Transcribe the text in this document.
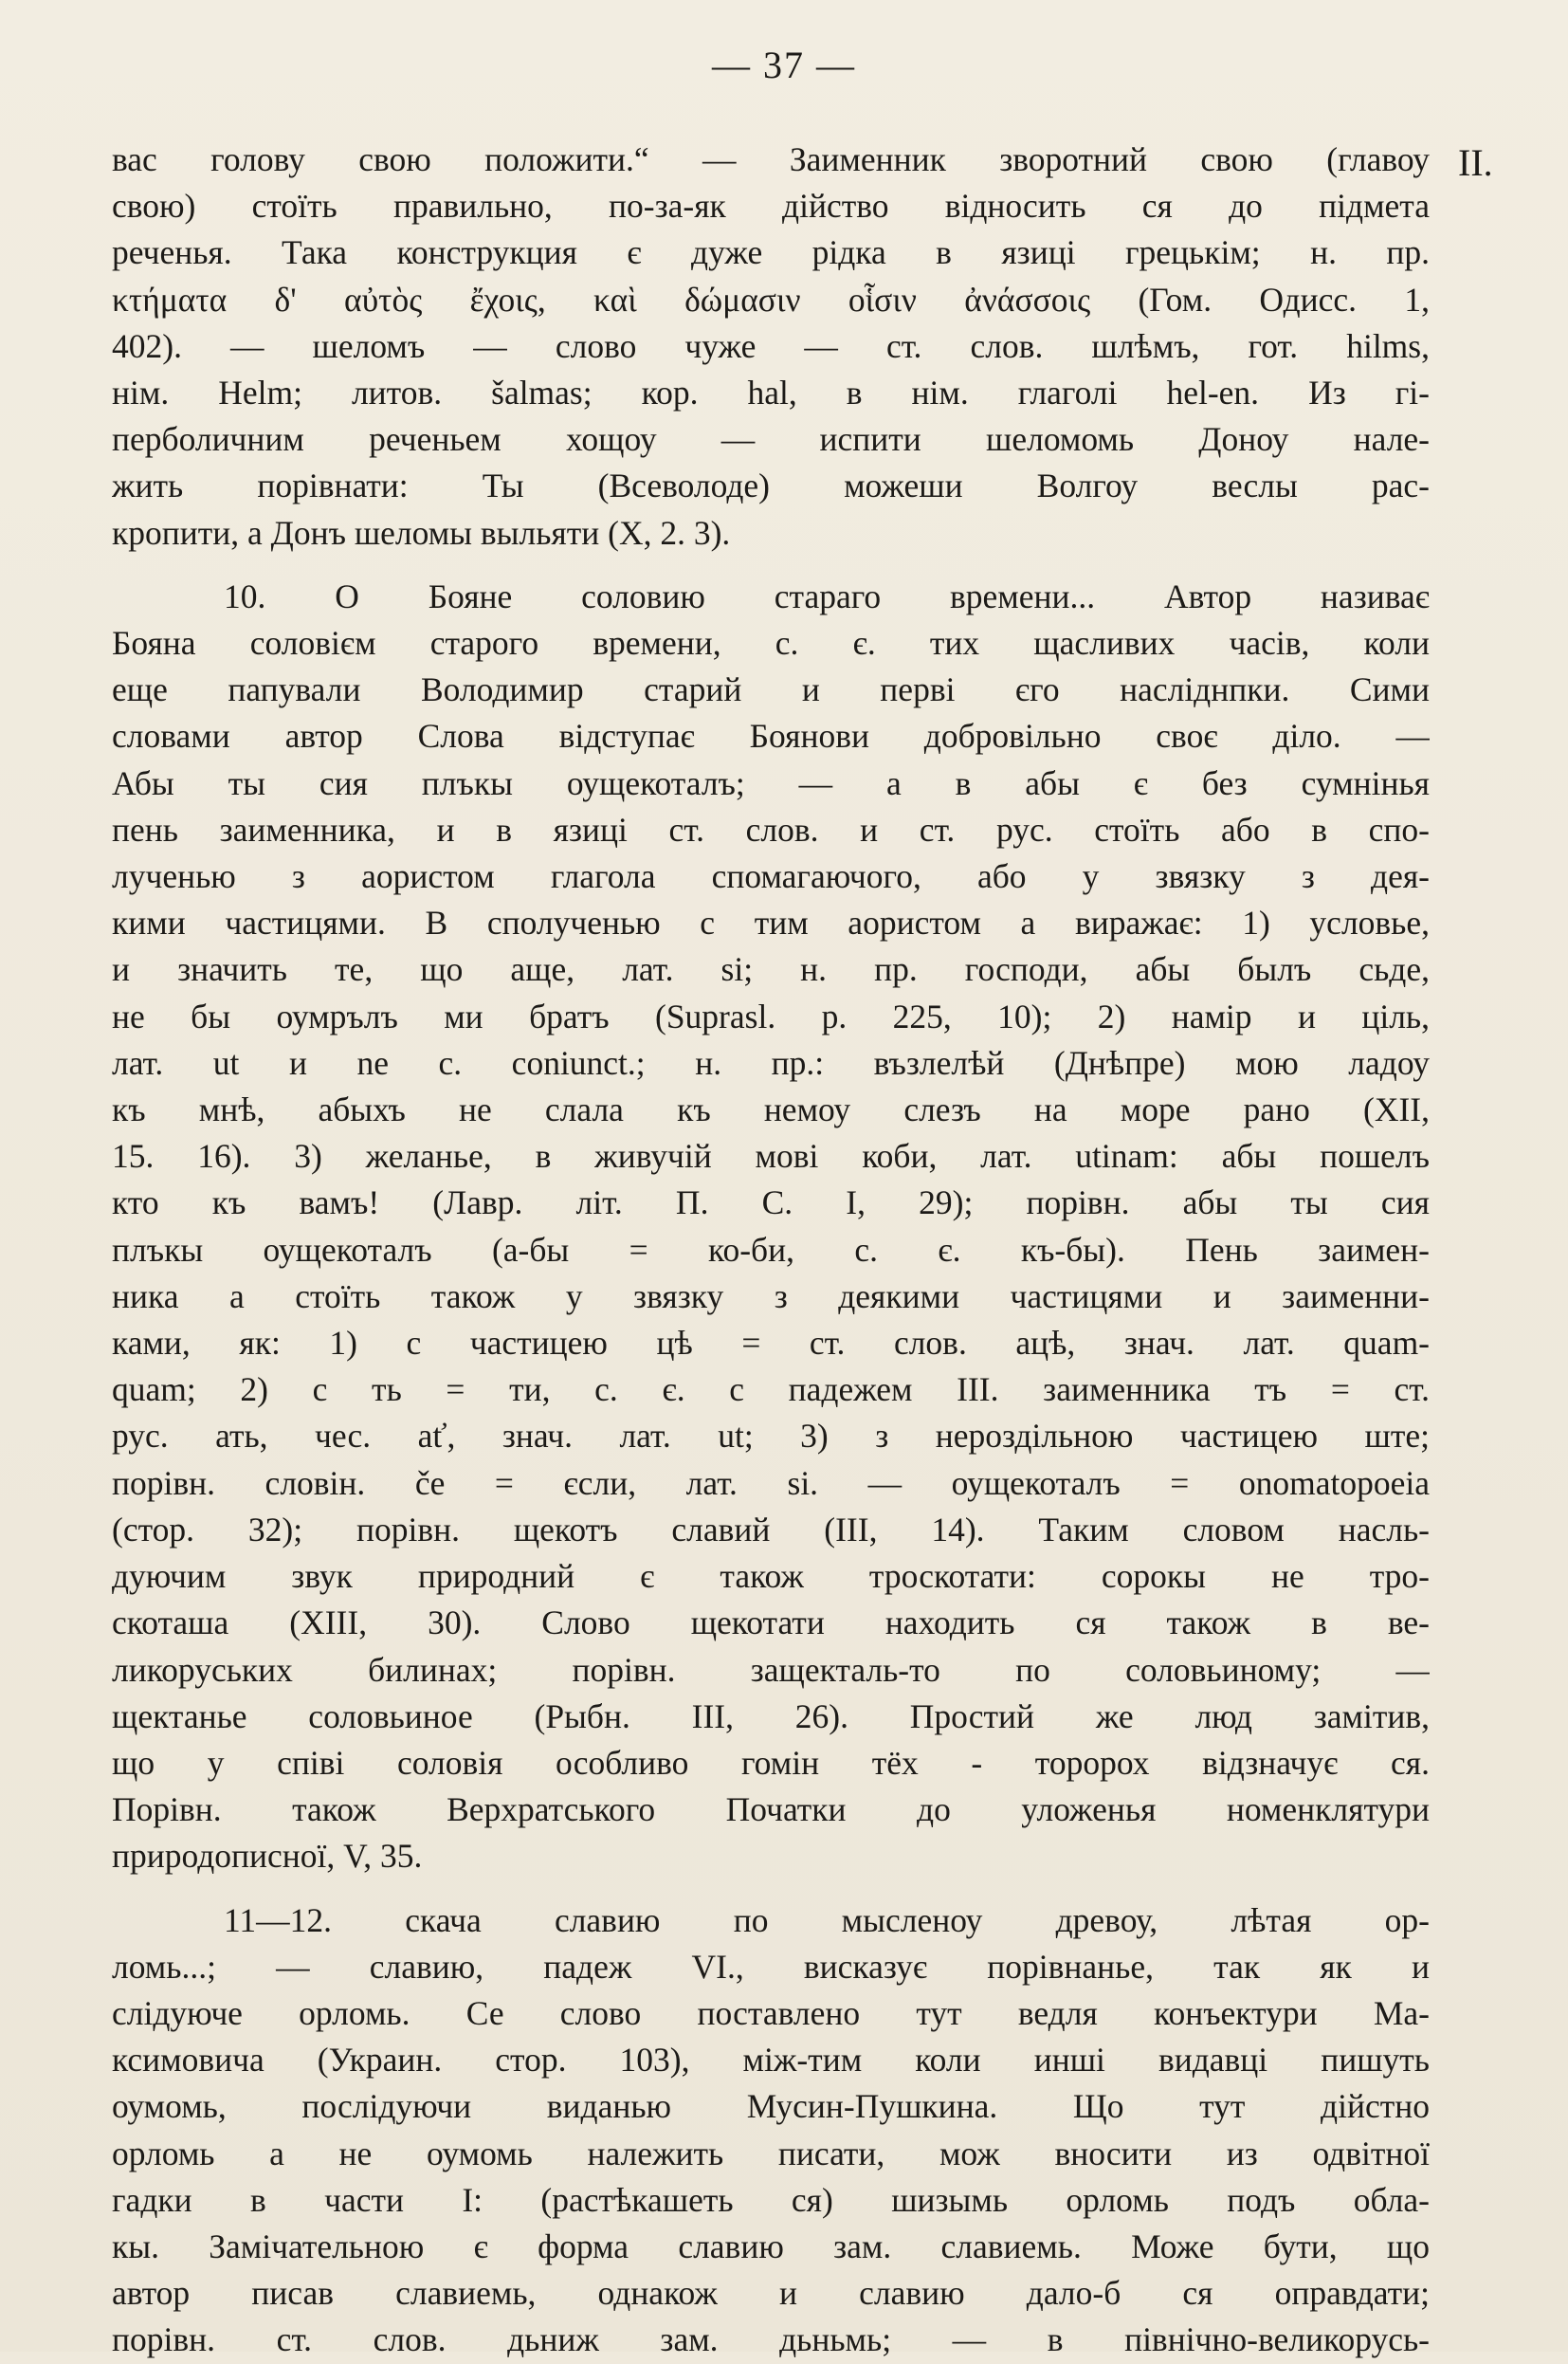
— 37 —
II.
вас голову свою положити.“ — Заименник зворотний свою (главоу
свою) стоїть правильно, по-за-як дійство відносить ся до підмета
реченья. Така конструкция є дуже рідка в язиці грецькім; н. пр.
κτήματα δ' αὐτὸς ἔχοις, καὶ δώμασιν οἷσιν ἀνάσσοις (Гом. Одисс. 1,
402). — шеломъ — слово чуже — ст. слов. шлѣмъ, гот. hilms,
нім. Helm; литов. šalmas; кор. hal, в нім. глаголі hel-en. Из гі-
перболичним реченьем хощоу — испити шеломомь Доноу нале-
жить порівнати: Ты (Всеволоде) можеши Волгоу веслы рас-
кропити, а Донъ шеломы выльяти (X, 2. 3).
10. О Бояне соловию стараго времени... Автор називає
Бояна соловієм старого времени, с. є. тих щасливих часів, коли
еще папували Володимир старий и перві єго насліднпки. Сими
словами автор Слова відступає Боянови добровільно своє діло. —
Абы ты сия плъкы оущекоталъ; — а в абы є без сумнінья
пень заименника, и в язиці ст. слов. и ст. рус. стоїть або в спо-
лученью з аористом глагола спомагаючого, або у звязку з дея-
кими частицями. В сполученью с тим аористом а виражає: 1) условье,
и значить те, що аще, лат. si; н. пр. господи, абы былъ сьде,
не бы оумрълъ ми братъ (Suprasl. p. 225, 10); 2) намір и ціль,
лат. ut и ne c. coniunct.; н. пр.: възлелѣй (Днѣпре) мою ладоу
къ мнѣ, абыхъ не слала къ немоу слезъ на море рано (XII,
15. 16). 3) желанье, в живучій мові коби, лат. utinam: абы пошелъ
кто къ вамъ! (Лавр. літ. П. С. I, 29); порівн. абы ты сия
плъкы оущекоталъ (а-бы = ко-би, с. є. къ-бы). Пень заимен-
ника а стоїть також у звязку з деякими частицями и заименни-
ками, як: 1) с частицею цѣ = ст. слов. ацѣ, знач. лат. quam-
quam; 2) с ть = ти, с. є. с падежем III. заименника тъ = ст.
рус. ать, чес. ať, знач. лат. ut; 3) з нероздільною частицею ште;
порівн. словін. če = єсли, лат. si. — оущекоталъ = onomatopoeia
(стор. 32); порівн. щекотъ славий (III, 14). Таким словом насль-
дуючим звук природний є також троскотати: сорокы не тро-
скоташа (XIII, 30). Слово щекотати находить ся також в ве-
ликоруських билинах; порівн. защекталь-то по соловьиному; —
щектанье соловьиное (Рыбн. III, 26). Простий же люд замітив,
що у співі соловія особливо гомін тёх - торорох відзначує ся.
Порівн. також Верхратського Початки до уложенья номенклятури
природописної, V, 35.
11—12. скача славию по мысленоу древоу, лѣтая ор-
ломь...; — славию, падеж VI., висказує порівнанье, так як и
слідуюче орломь. Се слово поставлено тут ведля конъектури Ма-
ксимовича (Украин. стор. 103), між-тим коли инші видавці пишуть
оумомь, послідуючи виданью Мусин-Пушкина. Що тут дійстно
орломь а не оумомь належить писати, мож вносити из одвітної
гадки в части I: (растѣкашеть ся) шизымь орломь подъ обла-
кы. Замічательною є форма славию зам. славиемь. Може бути, що
автор писав славиемь, однакож и славию дало-б ся оправдати;
порівн. ст. слов. дьниж зам. дьньмь; — в північно-великорусь-
